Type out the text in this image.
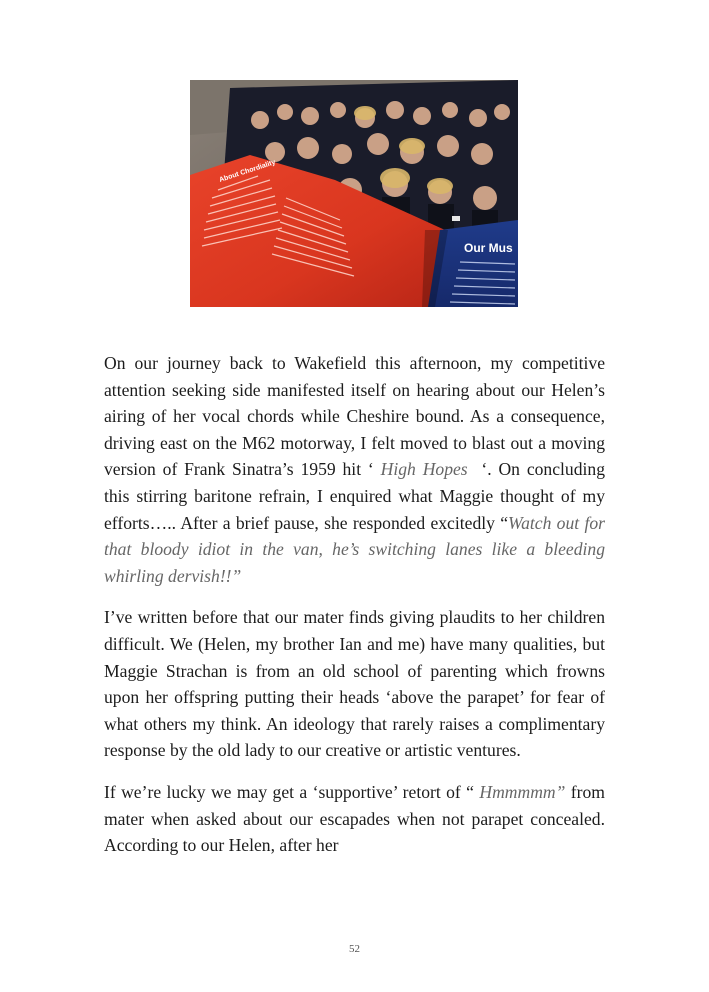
About Chordiality
Our Mus

On our journey back to Wakefield this afternoon, my competitive attention seeking side manifested itself on hearing about our Helen’s airing of her vocal chords while Cheshire bound. As a consequence, driving east on the M62 motorway, I felt moved to blast out a moving version of Frank Sinatra’s 1959 hit ‘ High Hopes ‘. On concluding this stirring baritone refrain, I enquired what Maggie thought of my efforts….. After a brief pause, she responded excitedly “Watch out for that bloody idiot in the van, he’s switching lanes like a bleeding whirling dervish!!”

I’ve written before that our mater finds giving plaudits to her children difficult. We (Helen, my brother Ian and me) have many qualities, but Maggie Strachan is from an old school of parenting which frowns upon her offspring putting their heads ‘above the parapet’ for fear of what others my think. An ideology that rarely raises a complimentary response by the old lady to our creative or artistic ventures.

If we’re lucky we may get a ‘supportive’ retort of “ Hmmmmm” from mater when asked about our escapades when not parapet concealed. According to our Helen, after her

52
